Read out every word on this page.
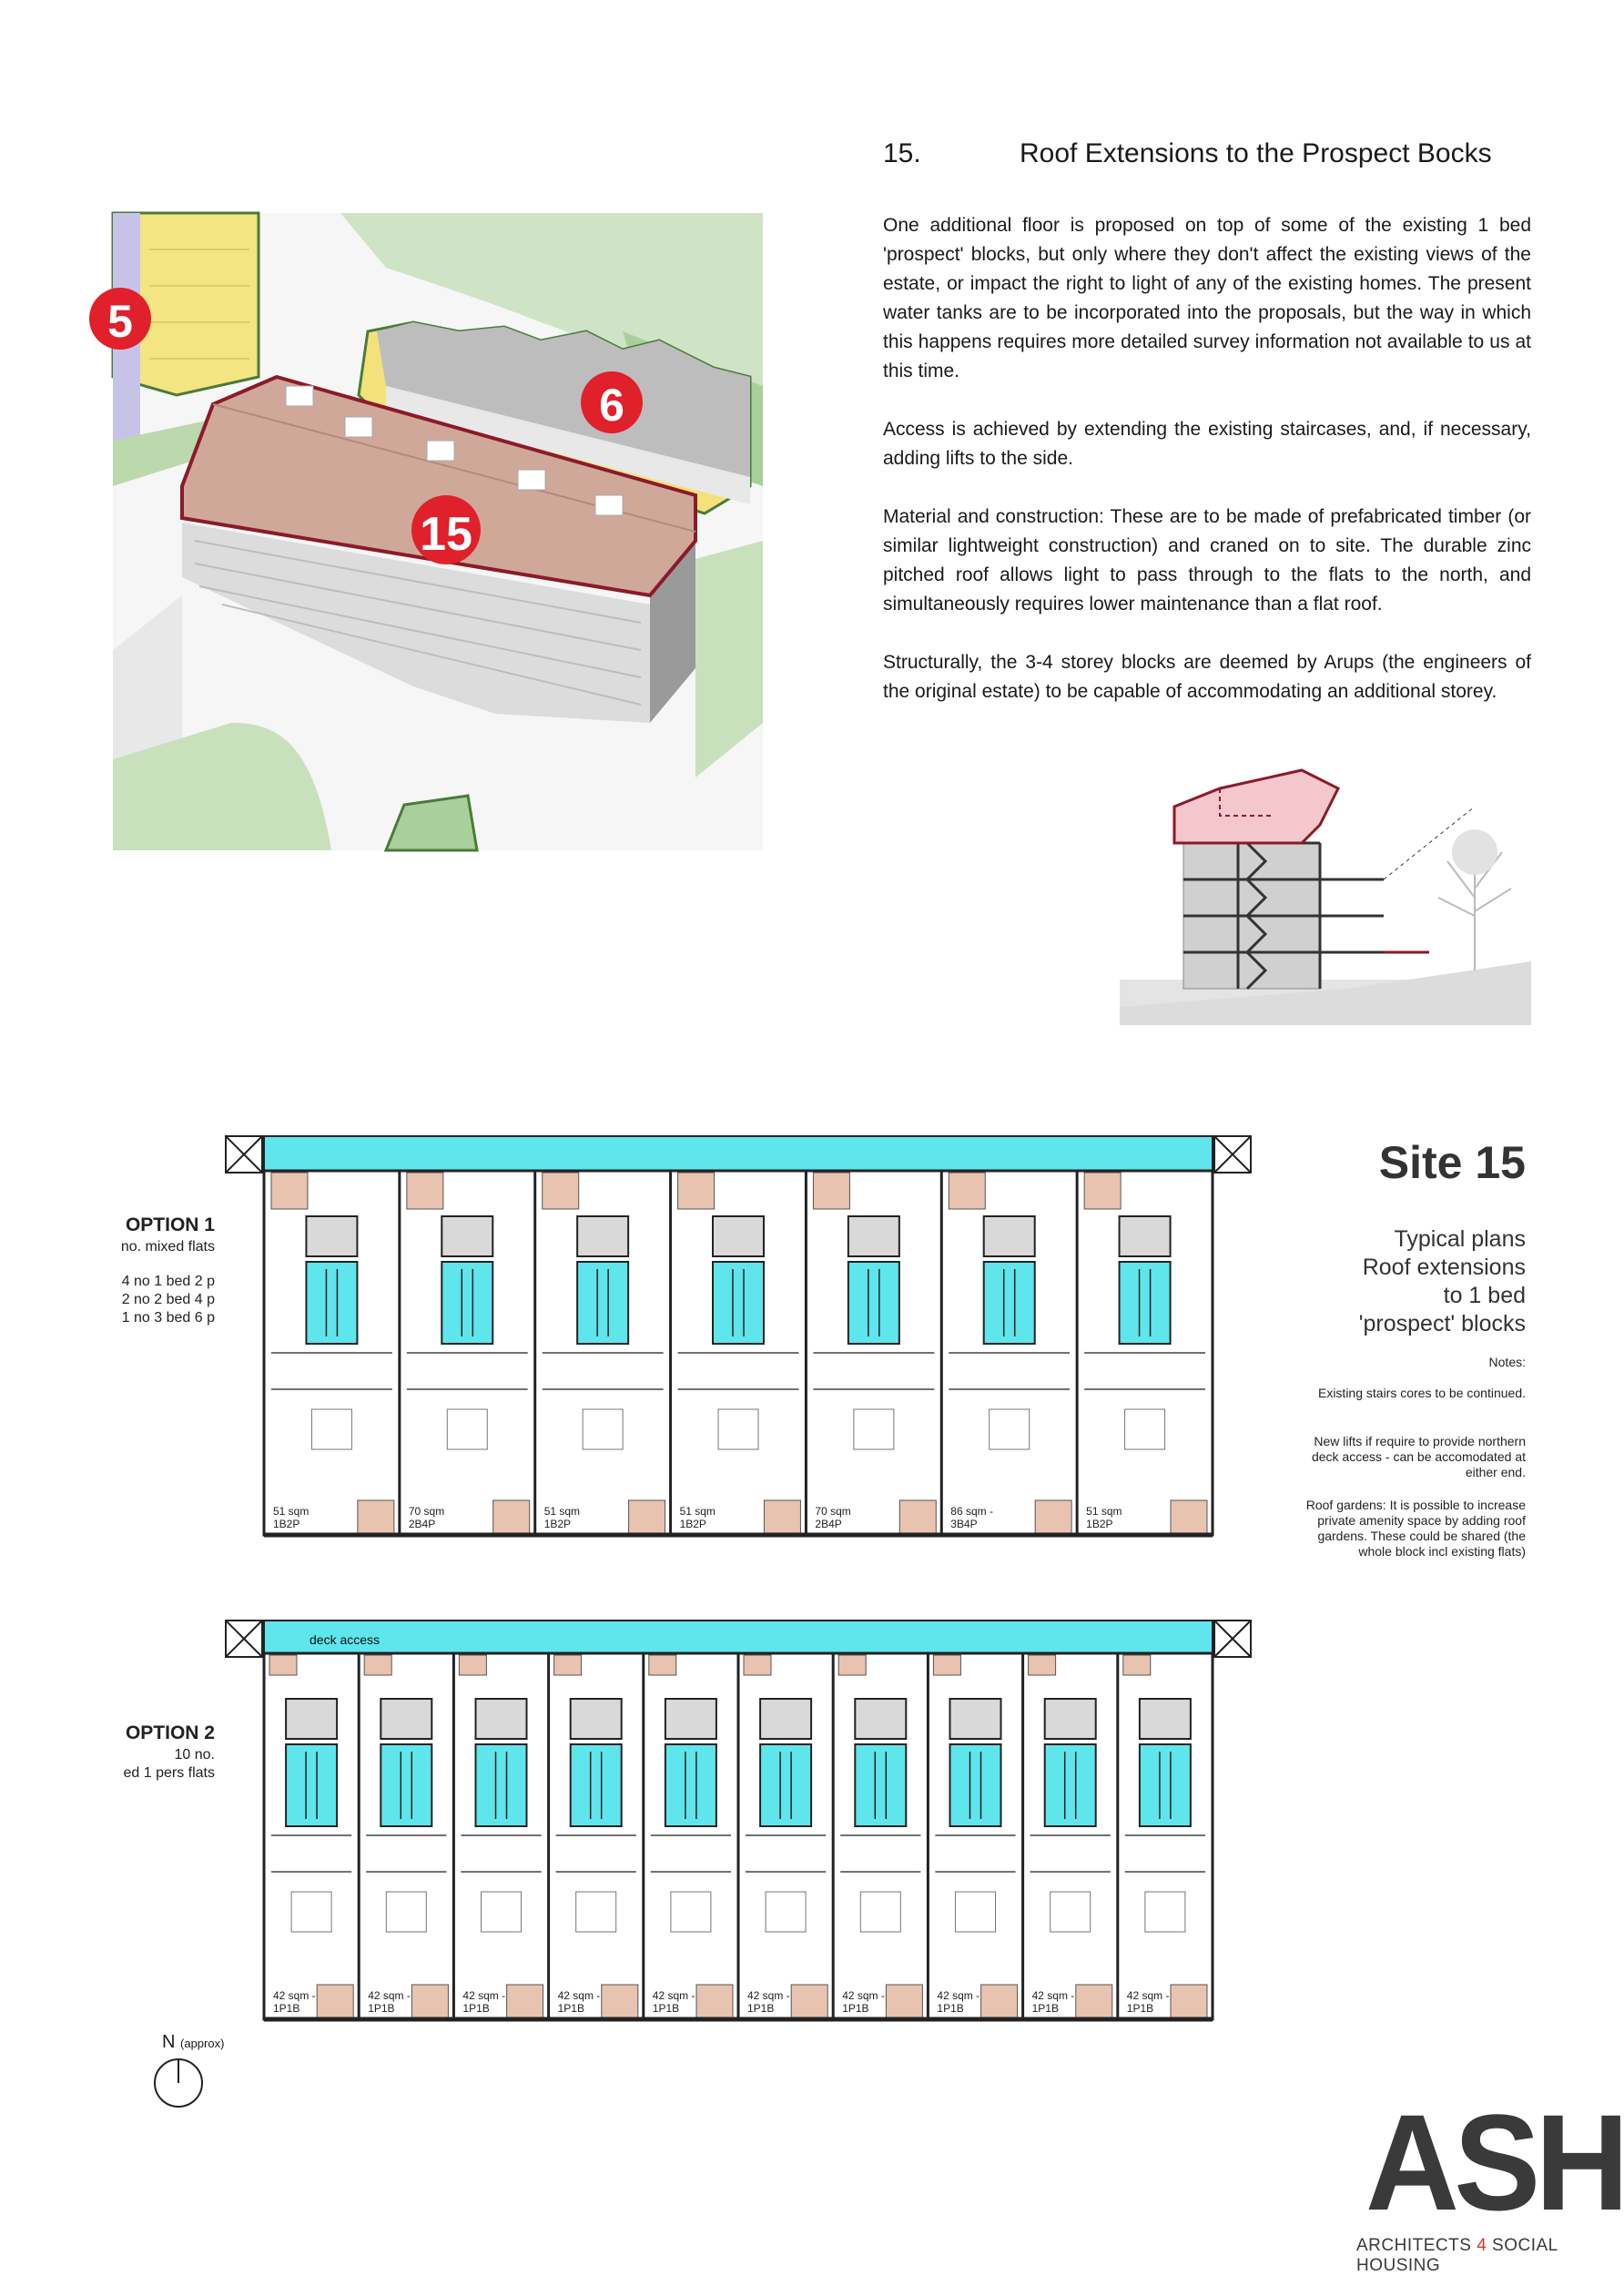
15.	Roof Extensions to the Prospect Bocks

One additional floor is proposed on top of some of the existing 1 bed 'prospect' blocks, but only where they don't affect the existing views of the estate, or impact the right to light of any of the existing homes. The present water tanks are to be incorporated into the proposals, but the way in which this happens requires more detailed survey information not available to us at this time.

Access is achieved by extending the existing staircases, and, if necessary, adding lifts to the side.

Material and construction: These are to be made of prefabricated timber (or similar lightweight construction) and craned on to site. The durable zinc pitched roof allows light to pass through to the flats to the north, and simultaneously requires lower maintenance than a flat roof.

Structurally, the 3-4 storey blocks are deemed by Arups (the engineers of the original estate) to be capable of accommodating an additional storey.

5
6
15
Site 15
Typical plans
Roof extensions
to 1 bed
'prospect' blocks
Notes:
Existing stairs cores to be continued.
New lifts if require to provide northern deck access - can be accomodated at either end.
Roof gardens: It is possible to increase private amenity space by adding roof gardens. These could be shared (the whole block incl existing flats)
OPTION 1
no. mixed flats
4 no 1 bed 2 p
2 no 2 bed 4 p
1 no 3 bed 6 p
51 sqm
1B2P
70 sqm
2B4P
51 sqm
1B2P
51 sqm
1B2P
70 sqm
2B4P
86 sqm -
3B4P
51 sqm
1B2P
OPTION 2
10 no.
ed 1 pers flats
deck access
42 sqm -
1P1B
42 sqm -
1P1B
42 sqm -
1P1B
42 sqm -
1P1B
42 sqm -
1P1B
42 sqm -
1P1B
42 sqm -
1P1B
42 sqm -
1P1B
42 sqm -
1P1B
42 sqm -
1P1B
N (approx)
ASH
ARCHITECTS 4 SOCIAL HOUSING
